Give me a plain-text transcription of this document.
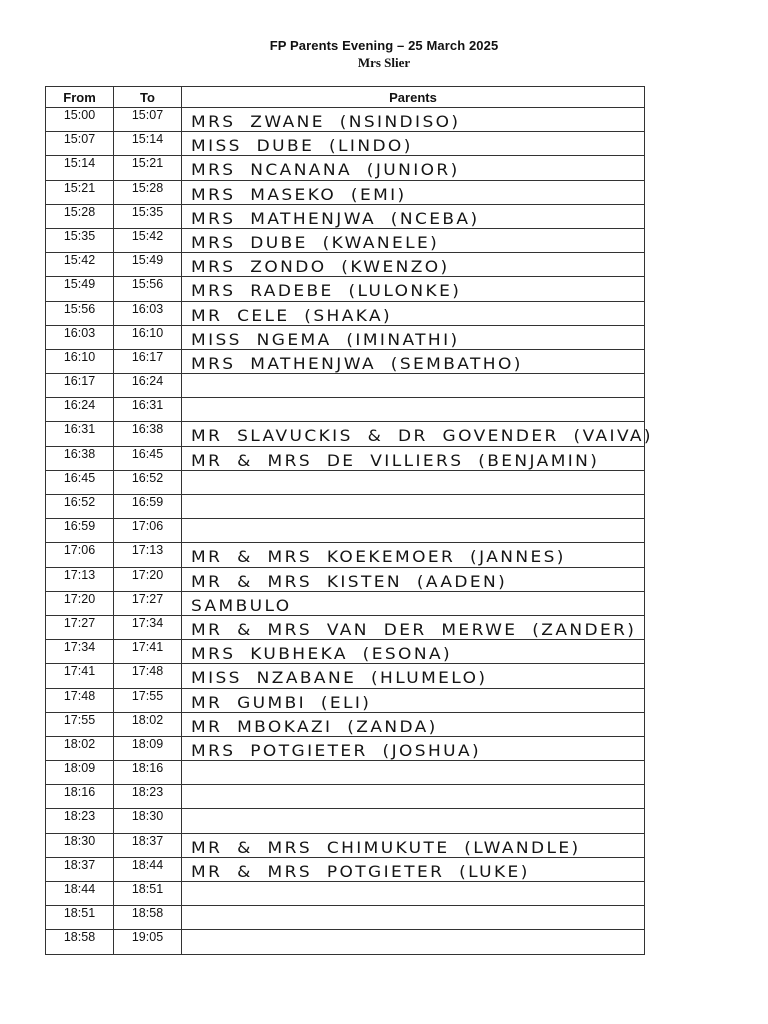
FP Parents Evening – 25 March 2025
Mrs Slier
From	To	Parents
15:00	15:07	MRS ZWANE (NSINDISO)

15:07	15:14	MISS DUBE (LINDO)

15:14	15:21	MRS NCANANA (JUNIOR)

15:21	15:28	MRS MASEKO (EMI)

15:28	15:35	MRS MATHENJWA (NCEBA)

15:35	15:42	MRS DUBE (KWANELE)

15:42	15:49	MRS ZONDO (KWENZO)

15:49	15:56	MRS RADEBE (LULONKE)

15:56	16:03	MR CELE (SHAKA)

16:03	16:10	MISS NGEMA (IMINATHI)

16:10	16:17	MRS MATHENJWA (SEMBATHO)

16:17	16:24	

16:24	16:31	

16:31	16:38	MR SLAVUCKIS & DR GOVENDER (VAIVA)

16:38	16:45	MR & MRS DE VILLIERS (BENJAMIN)

16:45	16:52	

16:52	16:59	

16:59	17:06	

17:06	17:13	MR & MRS KOEKEMOER (JANNES)

17:13	17:20	MR & MRS KISTEN (AADEN)

17:20	17:27	SAMBULO

17:27	17:34	MR & MRS VAN DER MERWE (ZANDER)

17:34	17:41	MRS KUBHEKA (ESONA)

17:41	17:48	MISS NZABANE (HLUMELO)

17:48	17:55	MR GUMBI (ELI)

17:55	18:02	MR MBOKAZI (ZANDA)

18:02	18:09	MRS POTGIETER (JOSHUA)

18:09	18:16	

18:16	18:23	

18:23	18:30	

18:30	18:37	MR & MRS CHIMUKUTE (LWANDLE)

18:37	18:44	MR & MRS POTGIETER (LUKE)

18:44	18:51	

18:51	18:58	

18:58	19:05	
